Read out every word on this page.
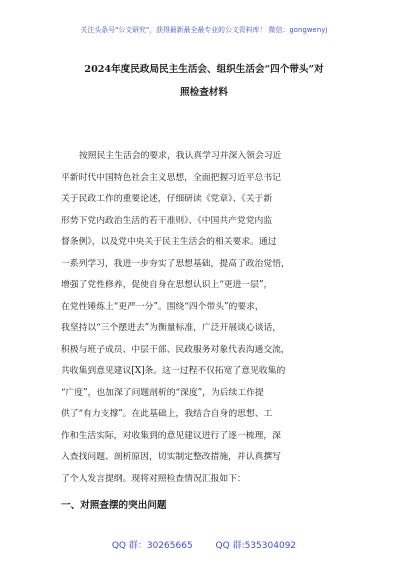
关注头条号"公文研究"，获得最新最全最专业的公文资料库！ 微信：gongwenyj
2024年度民政局民主生活会、组织生活会“四个带头”对
照检查材料
按照民主生活会的要求，我认真学习并深入领会习近
平新时代中国特色社会主义思想，全面把握习近平总书记
关于民政工作的重要论述，仔细研读《党章》、《关于新
形势下党内政治生活的若干准则》、《中国共产党党内监
督条例》，以及党中央关于民主生活会的相关要求。通过
一系列学习，我进一步夯实了思想基础，提高了政治觉悟，
增强了党性修养，促使自身在思想认识上“更进一层”，
在党性锤炼上“更严一分”。围绕“四个带头”的要求，
我坚持以“三个摆进去”为衡量标准，广泛开展谈心谈话，
积极与班子成员、中层干部、民政服务对象代表沟通交流，
共收集到意见建议[X]条。这一过程不仅拓宽了意见收集的
“广度”，也加深了问题剖析的“深度”，为后续工作提
供了“有力支撑”。在此基础上，我结合自身的思想、工
作和生活实际，对收集到的意见建议进行了逐一梳理，深
入查找问题、剖析原因，切实制定整改措施，并认真撰写
了个人发言提纲。现将对照检查情况汇报如下：
一、对照查摆的突出问题
QQ 群：30265665	QQ 群:535304092
